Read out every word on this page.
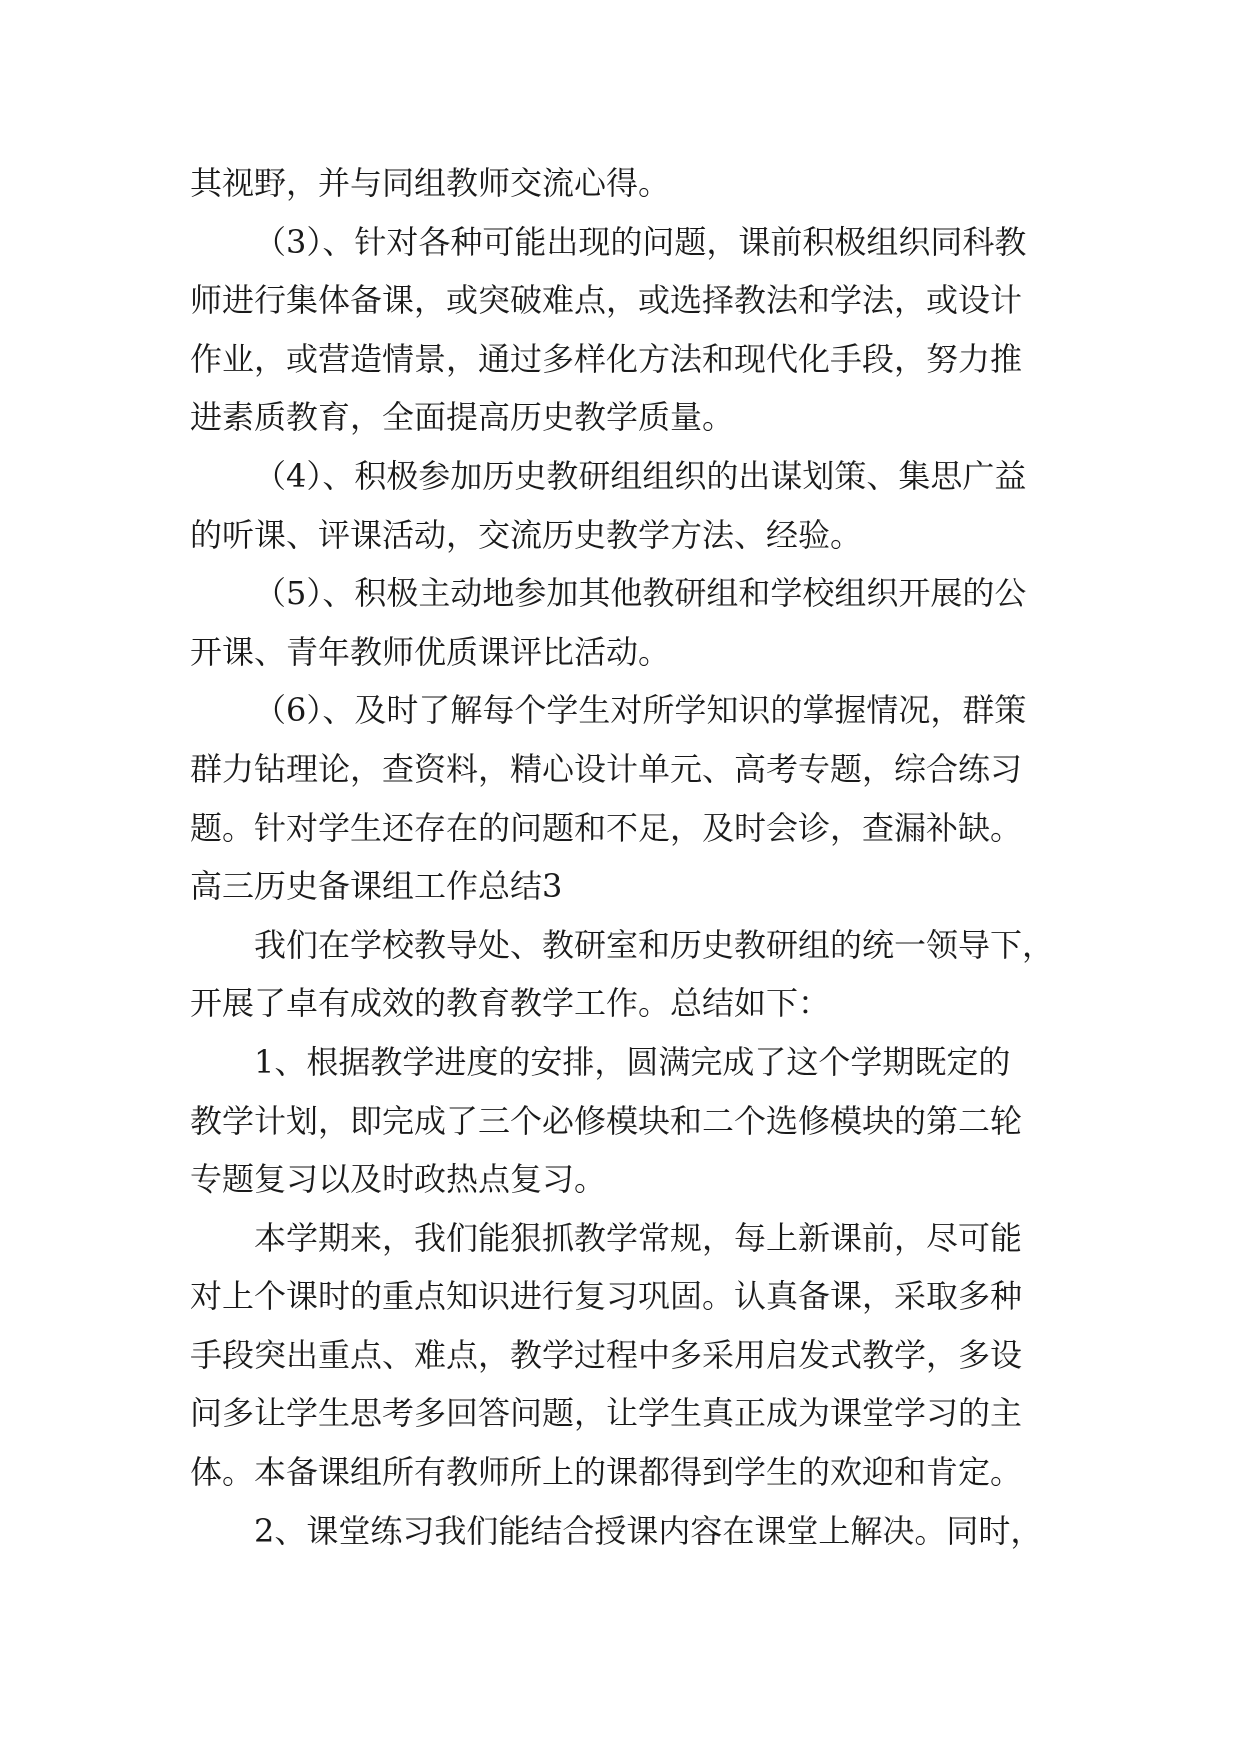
其视野，并与同组教师交流心得。
（3）、针对各种可能出现的问题，课前积极组织同科教
师进行集体备课，或突破难点，或选择教法和学法，或设计
作业，或营造情景，通过多样化方法和现代化手段，努力推
进素质教育，全面提高历史教学质量。
（4）、积极参加历史教研组组织的出谋划策、集思广益
的听课、评课活动，交流历史教学方法、经验。
（5）、积极主动地参加其他教研组和学校组织开展的公
开课、青年教师优质课评比活动。
（6）、及时了解每个学生对所学知识的掌握情况，群策
群力钻理论，查资料，精心设计单元、高考专题，综合练习
题。针对学生还存在的问题和不足，及时会诊，查漏补缺。
高三历史备课组工作总结3
我们在学校教导处、教研室和历史教研组的统一领导下，
开展了卓有成效的教育教学工作。总结如下：
1、根据教学进度的安排，圆满完成了这个学期既定的
教学计划，即完成了三个必修模块和二个选修模块的第二轮
专题复习以及时政热点复习。
本学期来，我们能狠抓教学常规，每上新课前，尽可能
对上个课时的重点知识进行复习巩固。认真备课，采取多种
手段突出重点、难点，教学过程中多采用启发式教学，多设
问多让学生思考多回答问题，让学生真正成为课堂学习的主
体。本备课组所有教师所上的课都得到学生的欢迎和肯定。
2、课堂练习我们能结合授课内容在课堂上解决。同时，
